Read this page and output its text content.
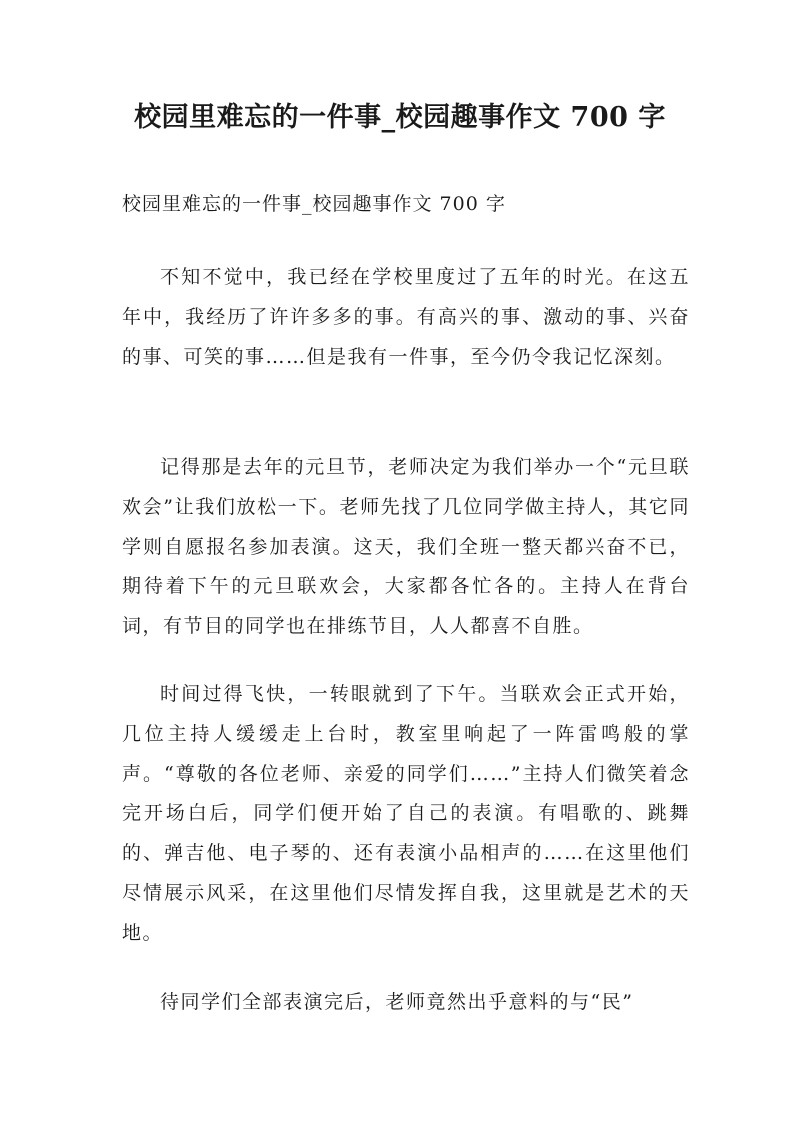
校园里难忘的一件事_校园趣事作文 700 字

校园里难忘的一件事_校园趣事作文 700 字

不知不觉中，我已经在学校里度过了五年的时光。在这五年中，我经历了许许多多的事。有高兴的事、激动的事、兴奋的事、可笑的事……但是我有一件事，至今仍令我记忆深刻。

记得那是去年的元旦节，老师决定为我们举办一个“元旦联欢会”让我们放松一下。老师先找了几位同学做主持人，其它同学则自愿报名参加表演。这天，我们全班一整天都兴奋不已，期待着下午的元旦联欢会，大家都各忙各的。主持人在背台词，有节目的同学也在排练节目，人人都喜不自胜。

时间过得飞快，一转眼就到了下午。当联欢会正式开始，几位主持人缓缓走上台时，教室里响起了一阵雷鸣般的掌声。“尊敬的各位老师、亲爱的同学们……”主持人们微笑着念完开场白后，同学们便开始了自己的表演。有唱歌的、跳舞的、弹吉他、电子琴的、还有表演小品相声的……在这里他们尽情展示风采，在这里他们尽情发挥自我，这里就是艺术的天地。

待同学们全部表演完后，老师竟然出乎意料的与“民”
